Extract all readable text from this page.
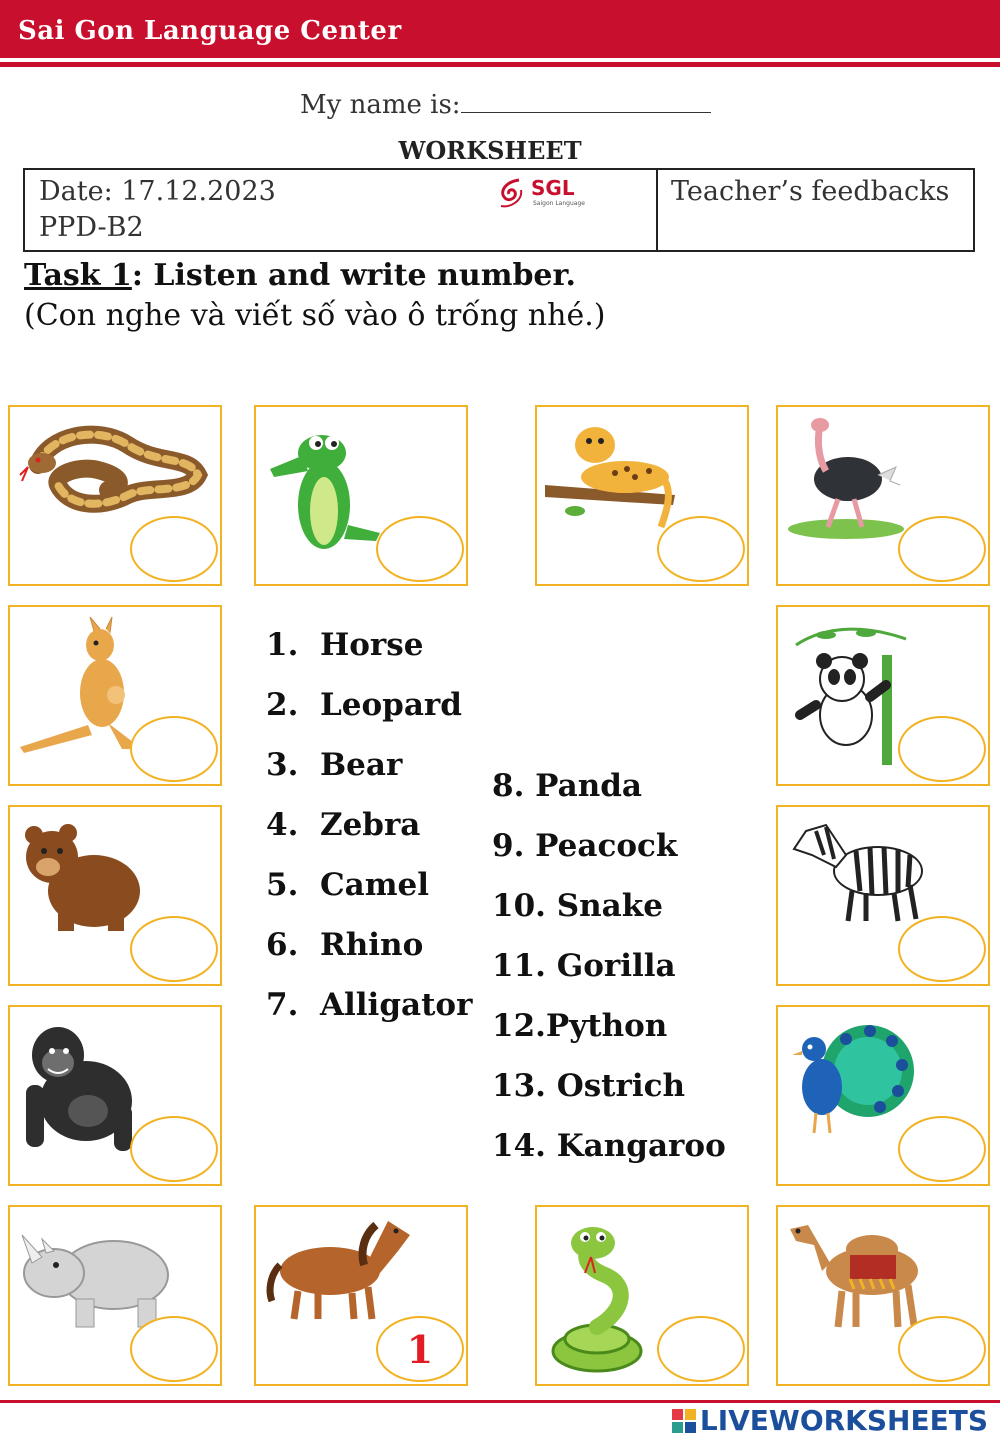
Sai Gon Language Center
My name is:
WORKSHEET
Date: 17.12.2023
PPD-B2
SGL
Saigon Language	Teacher’s feedbacks
Task 1: Listen and write number.
(Con nghe và viết số vào ô trống nhé.)
1
1.  Horse
2.  Leopard
3.  Bear
4.  Zebra
5.  Camel
6.  Rhino
7.  Alligator
8. Panda
9. Peacock
10. Snake
11. Gorilla
12.Python
13. Ostrich
14. Kangaroo
LIVEWORKSHEETS
